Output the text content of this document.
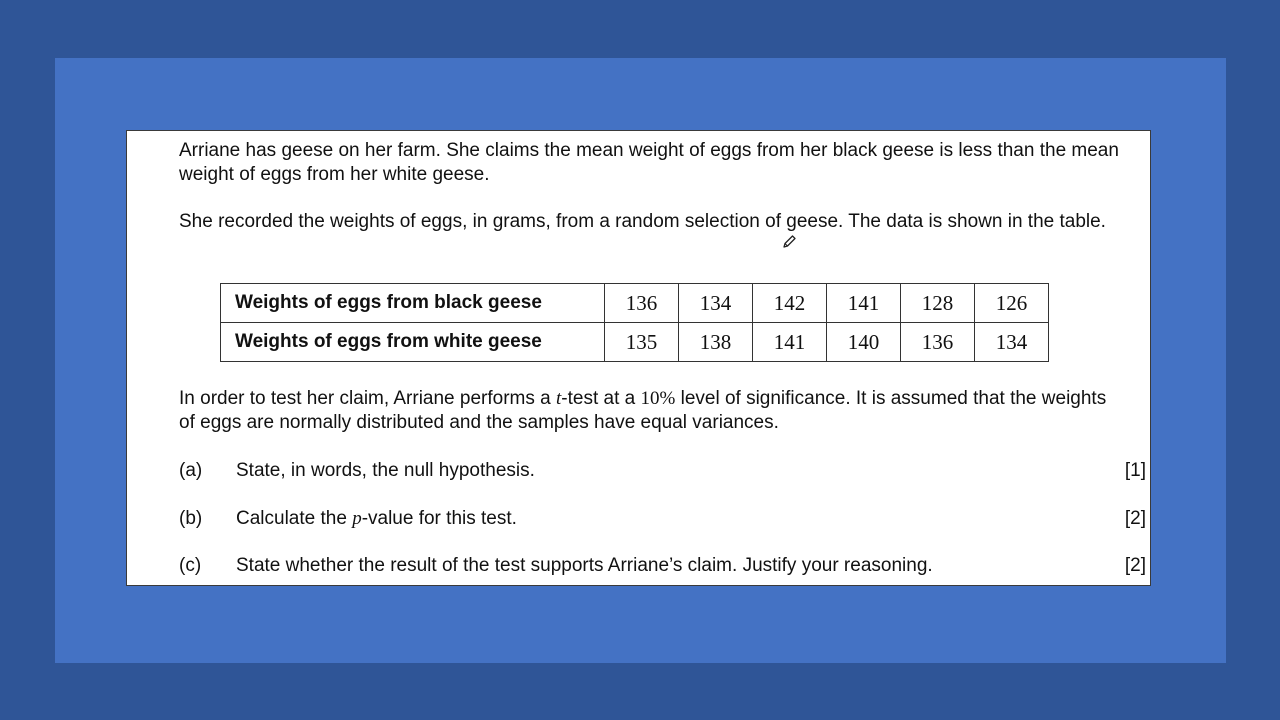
Arriane has geese on her farm. She claims the mean weight of eggs from her black geese is less than the mean weight of eggs from her white geese.

She recorded the weights of eggs, in grams, from a random selection of geese. The data is shown in the table.

Weights of eggs from black geese	136	134	142	141	128	126
Weights of eggs from white geese	135	138	141	140	136	134

In order to test her claim, Arriane performs a t-test at a 10% level of significance. It is assumed that the weights of eggs are normally distributed and the samples have equal variances.

(a) State, in words, the null hypothesis.	[1]
(b) Calculate the p-value for this test.	[2]
(c) State whether the result of the test supports Arriane’s claim. Justify your reasoning.	[2]
